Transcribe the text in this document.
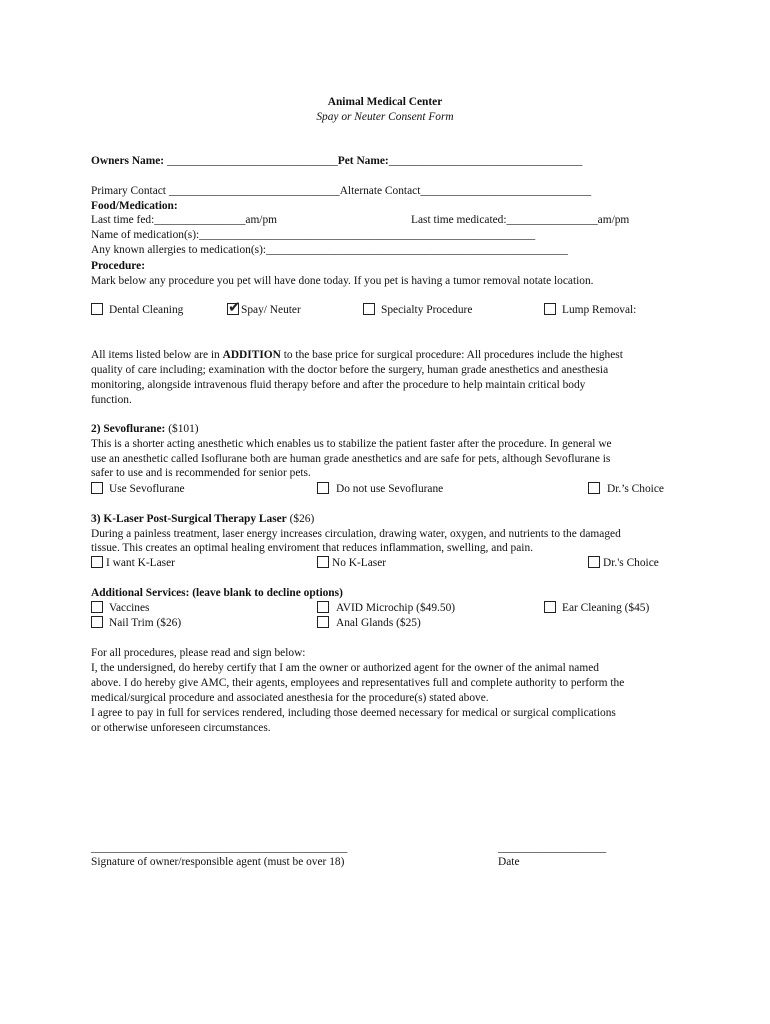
Animal Medical Center
Spay or Neuter Consent Form
Owners Name: ______________________________Pet Name:__________________________________
Primary Contact ______________________________Alternate Contact______________________________
Food/Medication:
Last time fed:________________am/pm	Last time medicated:________________am/pm
Name of medication(s):___________________________________________________________
Any known allergies to medication(s):_____________________________________________________
Procedure:
Mark below any procedure you pet will have done today. If you pet is having a tumor removal notate location.
Dental Cleaning	✔ Spay/ Neuter	Specialty Procedure	Lump Removal:
All items listed below are in ADDITION to the base price for surgical procedure: All procedures include the highest
quality of care including; examination with the doctor before the surgery, human grade anesthetics and anesthesia
monitoring, alongside intravenous fluid therapy before and after the procedure to help maintain critical body
function.
2) Sevoflurane: ($101)
This is a shorter acting anesthetic which enables us to stabilize the patient faster after the procedure. In general we
use an anesthetic called Isoflurane both are human grade anesthetics and are safe for pets, although Sevoflurane is
safer to use and is recommended for senior pets.
Use Sevoflurane	Do not use Sevoflurane	Dr.’s Choice
3) K-Laser Post-Surgical Therapy Laser ($26)
During a painless treatment, laser energy increases circulation, drawing water, oxygen, and nutrients to the damaged
tissue. This creates an optimal healing enviroment that reduces inflammation, swelling, and pain.
I want K-Laser	No K-Laser	Dr.'s Choice
Additional Services: (leave blank to decline options)
Vaccines	AVID Microchip ($49.50)	Ear Cleaning ($45)
Nail Trim ($26)	Anal Glands ($25)
For all procedures, please read and sign below:
I, the undersigned, do hereby certify that I am the owner or authorized agent for the owner of the animal named
above. I do hereby give AMC, their agents, employees and representatives full and complete authority to perform the
medical/surgical procedure and associated anesthesia for the procedure(s) stated above.
I agree to pay in full for services rendered, including those deemed necessary for medical or surgical complications
or otherwise unforeseen circumstances.
_____________________________________________
Signature of owner/responsible agent (must be over 18)
___________________
Date
